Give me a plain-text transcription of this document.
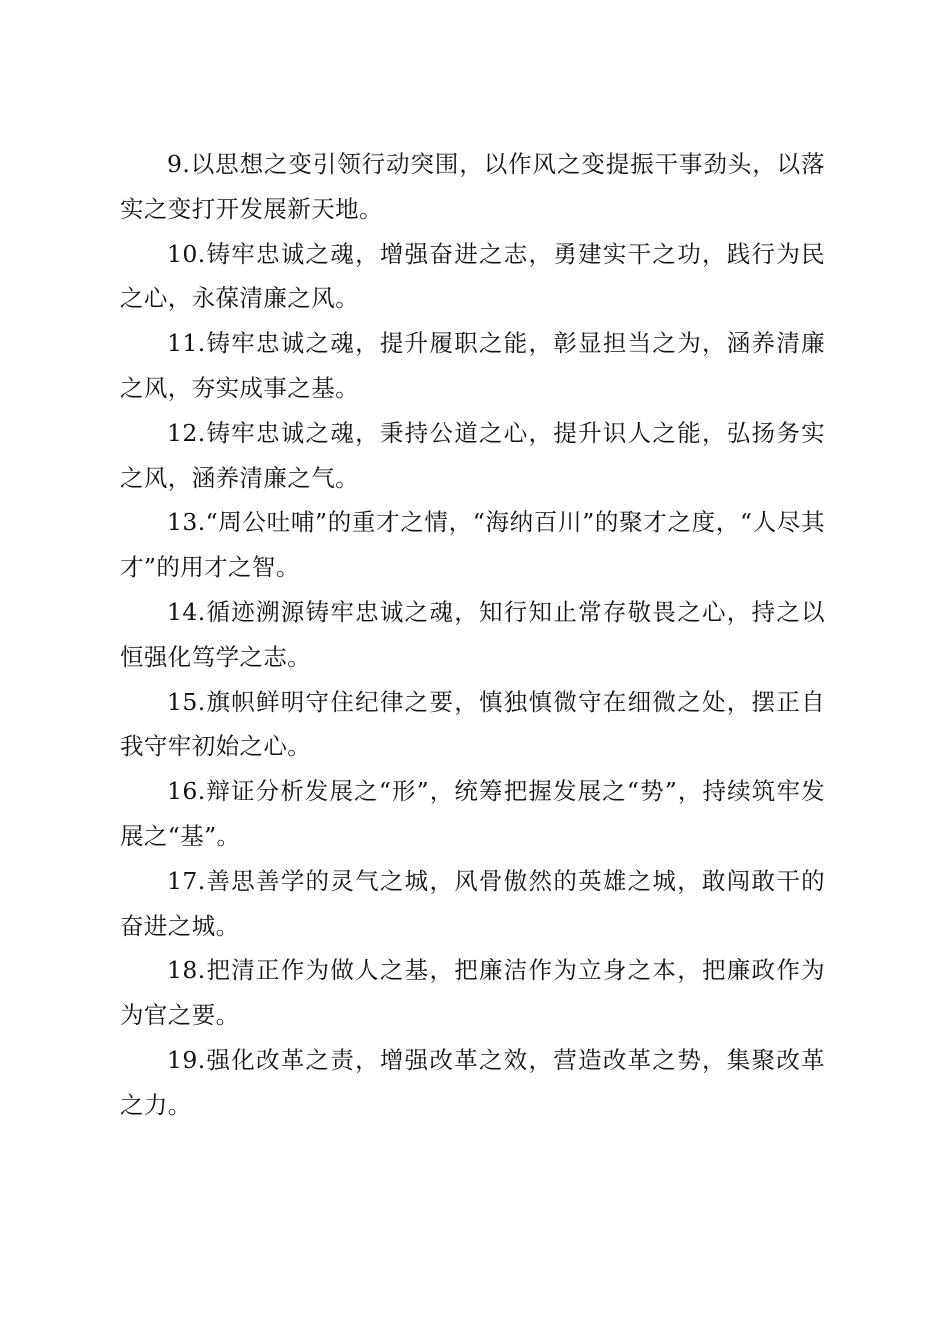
9.以思想之变引领行动突围，以作风之变提振干事劲头，以落实之变打开发展新天地。

10.铸牢忠诚之魂，增强奋进之志，勇建实干之功，践行为民之心，永葆清廉之风。

11.铸牢忠诚之魂，提升履职之能，彰显担当之为，涵养清廉之风，夯实成事之基。

12.铸牢忠诚之魂，秉持公道之心，提升识人之能，弘扬务实之风，涵养清廉之气。

13.“周公吐哺”的重才之情，“海纳百川”的聚才之度，“人尽其才”的用才之智。

14.循迹溯源铸牢忠诚之魂，知行知止常存敬畏之心，持之以恒强化笃学之志。

15.旗帜鲜明守住纪律之要，慎独慎微守在细微之处，摆正自我守牢初始之心。

16.辩证分析发展之“形”，统筹把握发展之“势”，持续筑牢发展之“基”。

17.善思善学的灵气之城，风骨傲然的英雄之城，敢闯敢干的奋进之城。

18.把清正作为做人之基，把廉洁作为立身之本，把廉政作为为官之要。

19.强化改革之责，增强改革之效，营造改革之势，集聚改革之力。
